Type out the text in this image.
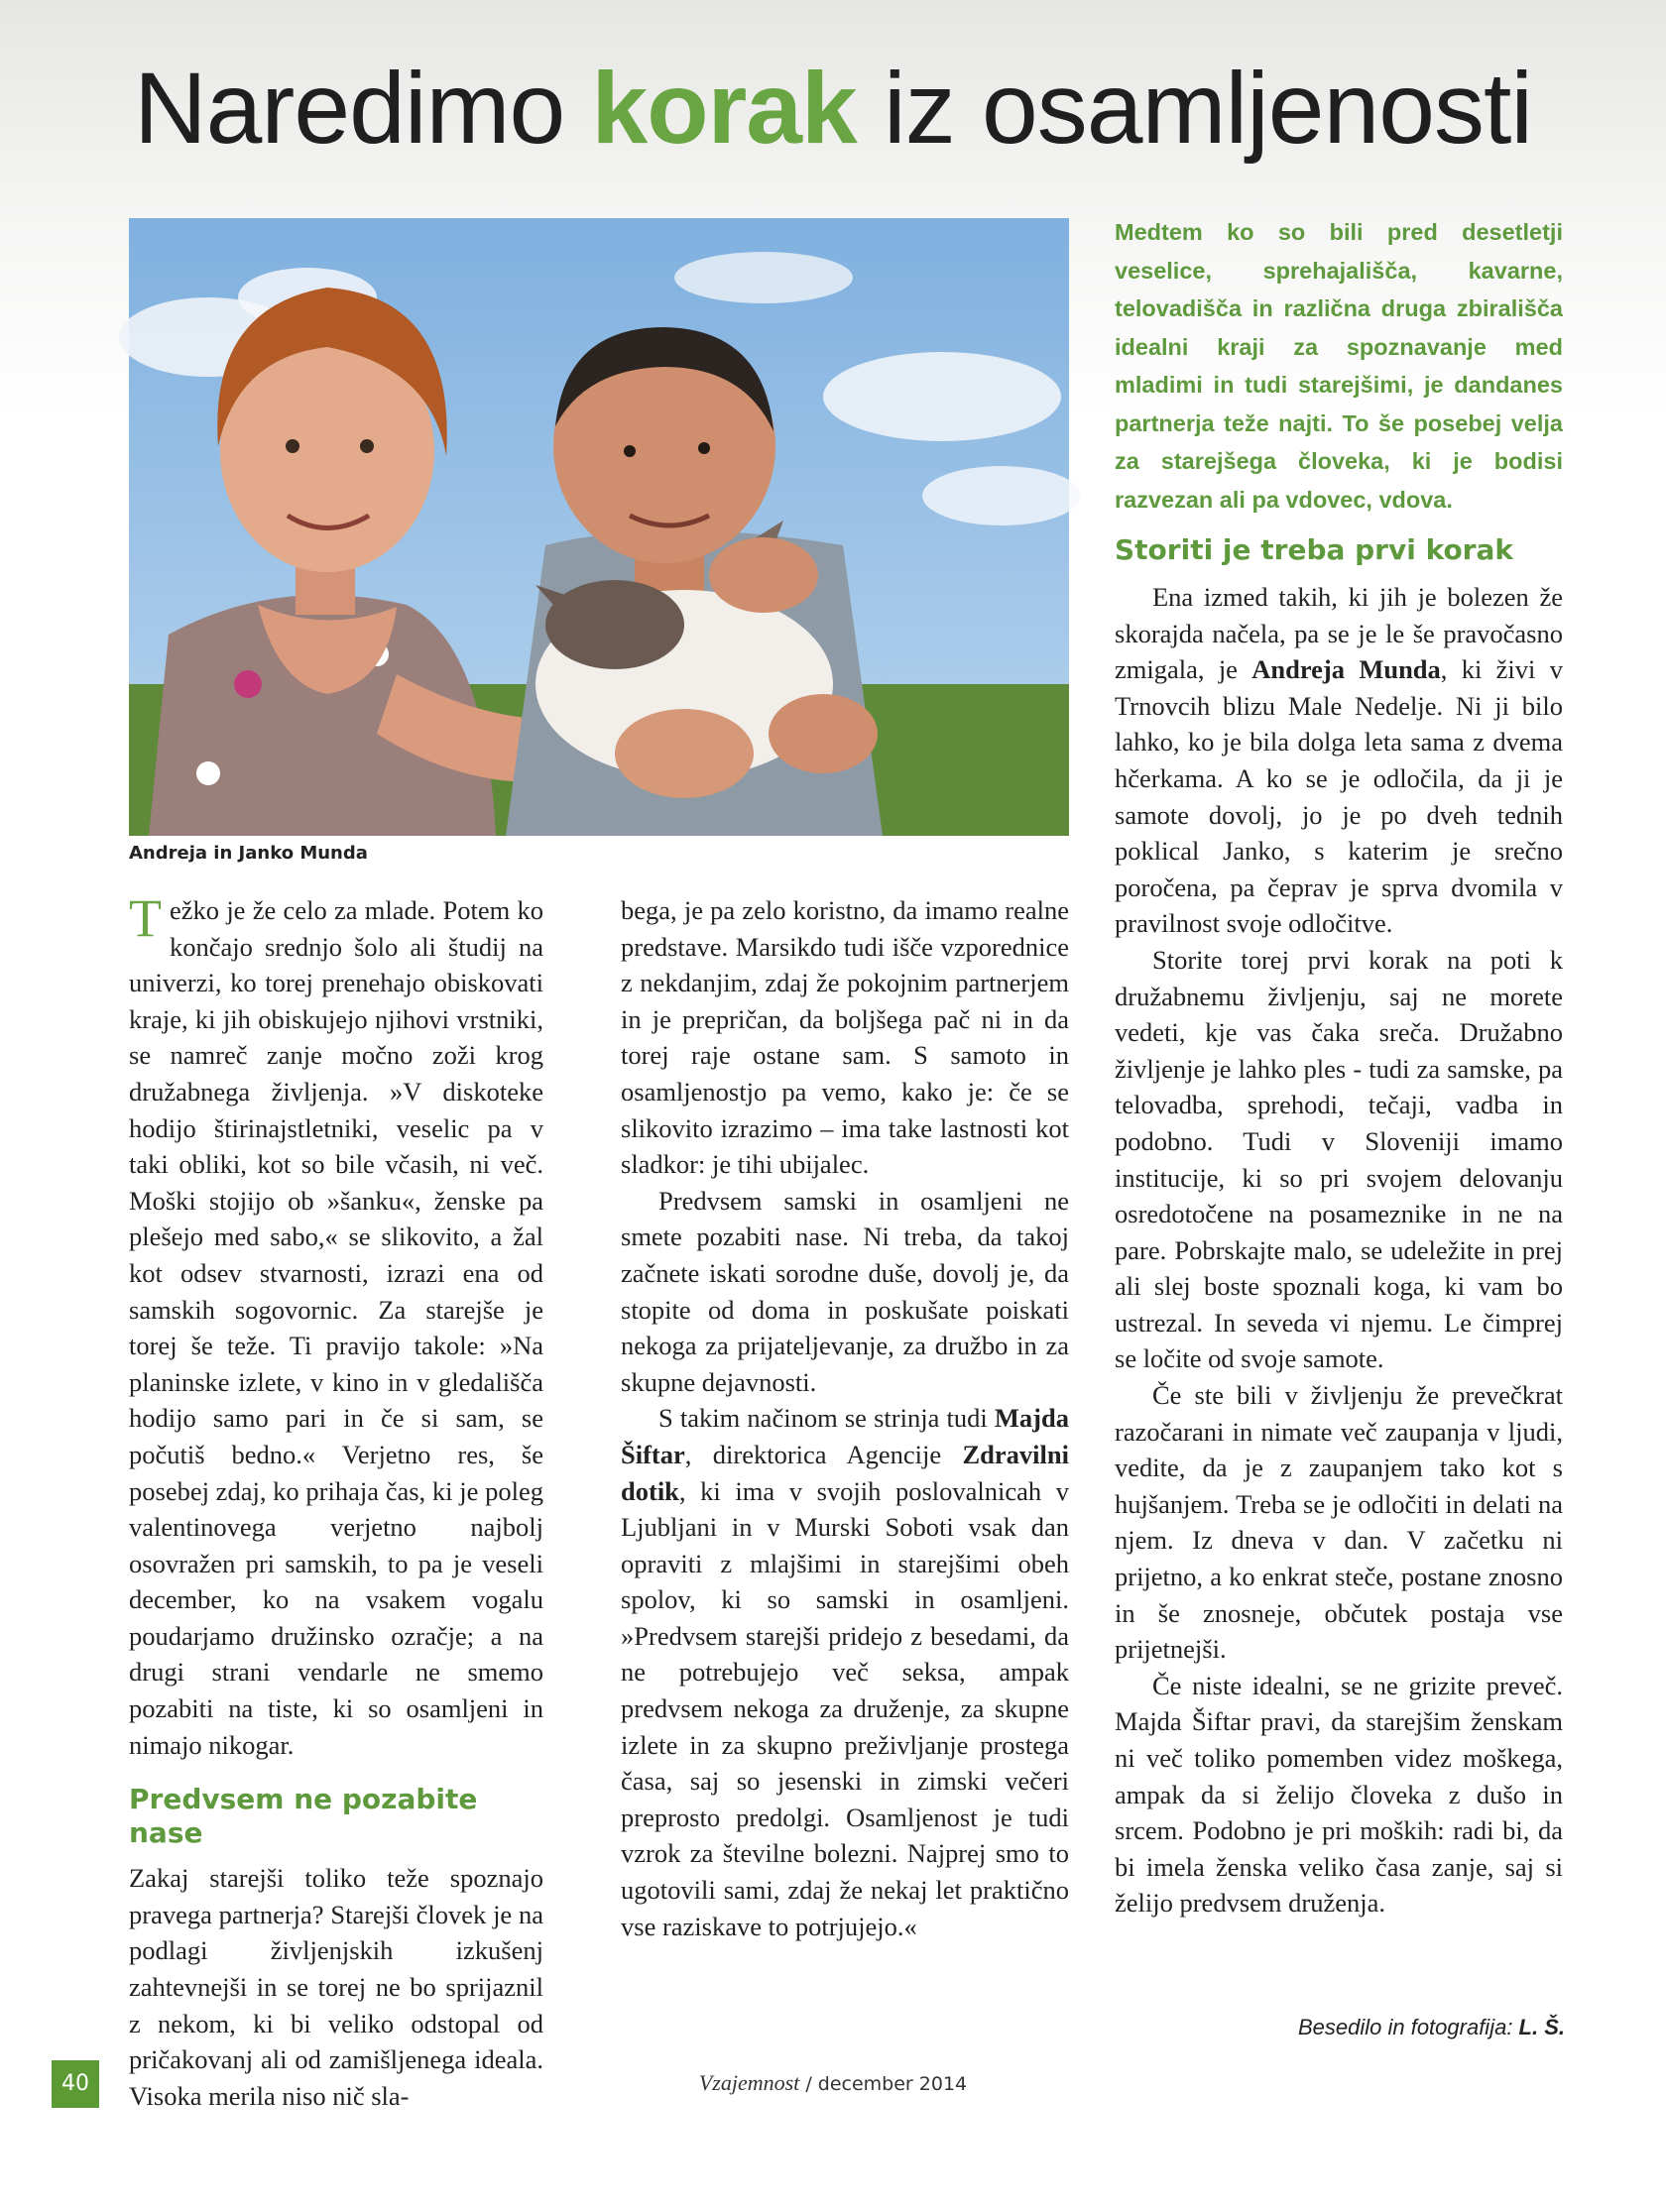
Naredimo korak iz osamljenosti
Andreja in Janko Munda
Medtem ko so bili pred desetletji veselice, sprehajališča, kavarne, telovadišča in različna druga zbirališča idealni kraji za spoznavanje med mladimi in tudi starejšimi, je dandanes partnerja teže najti. To še posebej velja za starejšega človeka, ki je bodisi razvezan ali pa vdovec, vdova.

Težko je že celo za mlade. Potem ko končajo srednjo šolo ali študij na univerzi, ko torej prenehajo obiskovati kraje, ki jih obiskujejo njihovi vrstniki, se namreč zanje močno zoži krog družabnega življenja. »V diskoteke hodijo štirinajstletniki, veselic pa v taki obliki, kot so bile včasih, ni več. Moški stojijo ob »šanku«, ženske pa plešejo med sabo,« se slikovito, a žal kot odsev stvarnosti, izrazi ena od samskih sogovornic. Za starejše je torej še teže. Ti pravijo takole: »Na planinske izlete, v kino in v gledališča hodijo samo pari in če si sam, se počutiš bedno.« Verjetno res, še posebej zdaj, ko prihaja čas, ki je poleg valentinovega verjetno najbolj osovražen pri samskih, to pa je veseli december, ko na vsakem vogalu poudarjamo družinsko ozračje; a na drugi strani vendarle ne smemo pozabiti na tiste, ki so osamljeni in nimajo nikogar.

Predvsem ne pozabite nase

Zakaj starejši toliko teže spoznajo pravega partnerja? Starejši človek je na podlagi življenjskih izkušenj zahtevnejši in se torej ne bo sprijaznil z nekom, ki bi veliko odstopal od pričakovanj ali od zamišljenega ideala. Visoka merila niso nič sla-

bega, je pa zelo koristno, da imamo realne predstave. Marsikdo tudi išče vzporednice z nekdanjim, zdaj že pokojnim partnerjem in je prepričan, da boljšega pač ni in da torej raje ostane sam. S samoto in osamljenostjo pa vemo, kako je: če se slikovito izrazimo – ima take lastnosti kot sladkor: je tihi ubijalec.

Predvsem samski in osamljeni ne smete pozabiti nase. Ni treba, da takoj začnete iskati sorodne duše, dovolj je, da stopite od doma in poskušate poiskati nekoga za prijateljevanje, za družbo in za skupne dejavnosti.

S takim načinom se strinja tudi Majda Šiftar, direktorica Agencije Zdravilni dotik, ki ima v svojih poslovalnicah v Ljubljani in v Murski Soboti vsak dan opraviti z mlajšimi in starejšimi obeh spolov, ki so samski in osamljeni. »Predvsem starejši pridejo z besedami, da ne potrebujejo več seksa, ampak predvsem nekoga za druženje, za skupne izlete in za skupno preživljanje prostega časa, saj so jesenski in zimski večeri preprosto predolgi. Osamljenost je tudi vzrok za številne bolezni. Najprej smo to ugotovili sami, zdaj že nekaj let praktično vse raziskave to potrjujejo.«

Storiti je treba prvi korak

Ena izmed takih, ki jih je bolezen že skorajda načela, pa se je le še pravočasno zmigala, je Andreja Munda, ki živi v Trnovcih blizu Male Nedelje. Ni ji bilo lahko, ko je bila dolga leta sama z dvema hčerkama. A ko se je odločila, da ji je samote dovolj, jo je po dveh tednih poklical Janko, s katerim je srečno poročena, pa čeprav je sprva dvomila v pravilnost svoje odločitve.

Storite torej prvi korak na poti k družabnemu življenju, saj ne morete vedeti, kje vas čaka sreča. Družabno življenje je lahko ples - tudi za samske, pa telovadba, sprehodi, tečaji, vadba in podobno. Tudi v Sloveniji imamo institucije, ki so pri svojem delovanju osredotočene na posameznike in ne na pare. Pobrskajte malo, se udeležite in prej ali slej boste spoznali koga, ki vam bo ustrezal. In seveda vi njemu. Le čimprej se ločite od svoje samote.

Če ste bili v življenju že prevečkrat razočarani in nimate več zaupanja v ljudi, vedite, da je z zaupanjem tako kot s hujšanjem. Treba se je odločiti in delati na njem. Iz dneva v dan. V začetku ni prijetno, a ko enkrat steče, postane znosno in še znosneje, občutek postaja vse prijetnejši.

Če niste idealni, se ne grizite preveč. Majda Šiftar pravi, da starejšim ženskam ni več toliko pomemben videz moškega, ampak da si želijo človeka z dušo in srcem. Podobno je pri moških: radi bi, da bi imela ženska veliko časa zanje, saj si želijo predvsem druženja.

Besedilo in fotografija: L. Š.
40	Vzajemnost / december 2014
